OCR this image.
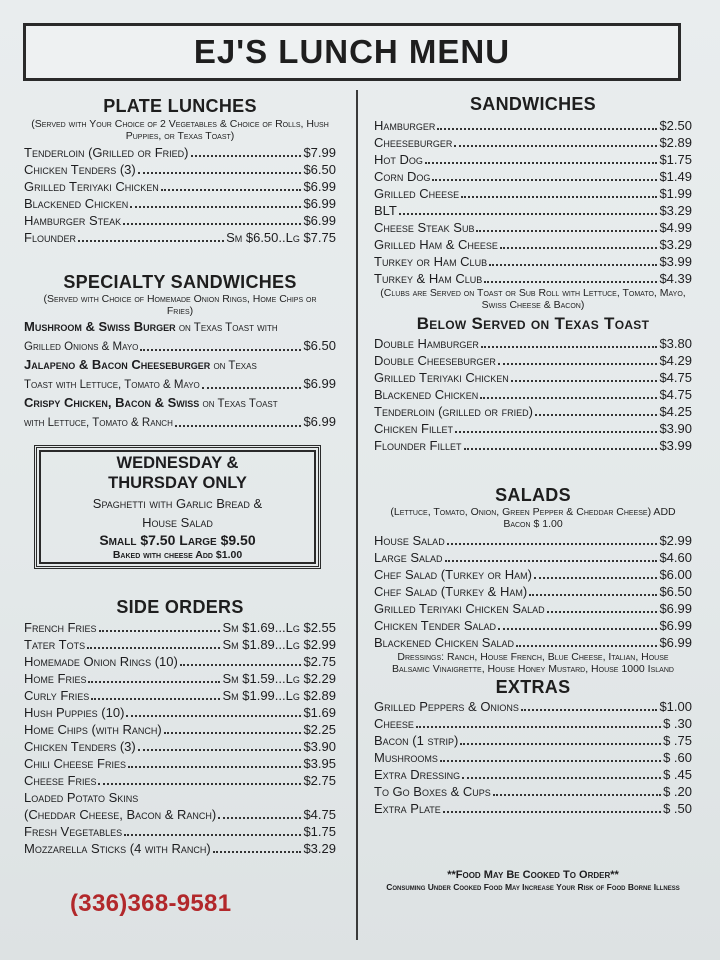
EJ'S LUNCH MENU
PLATE LUNCHES
(Served with Your Choice of 2 Vegetables & Choice of Rolls, Hush Puppies, or Texas Toast)
Tenderloin (Grilled or Fried)	$7.99
Chicken Tenders (3)	$6.50
Grilled Teriyaki Chicken	$6.99
Blackened Chicken	$6.99
Hamburger Steak	$6.99
Flounder	Sm $6.50..Lg $7.75
SPECIALTY SANDWICHES
(Served with Choice of Homemade Onion Rings, Home Chips or Fries)
Mushroom & Swiss Burger on Texas Toast with
Grilled Onions & Mayo	$6.50
Jalapeno & Bacon Cheeseburger on Texas
Toast with Lettuce, Tomato & Mayo	$6.99
Crispy Chicken, Bacon & Swiss on Texas Toast
with Lettuce, Tomato & Ranch	$6.99
WEDNESDAY &
THURSDAY ONLY
Spaghetti with Garlic Bread &
House Salad
Small $7.50 Large $9.50
Baked with cheese Add $1.00
SIDE ORDERS
French Fries	Sm $1.69...Lg $2.55
Tater Tots	Sm $1.89...Lg $2.99
Homemade Onion Rings (10)	$2.75
Home Fries	Sm $1.59...Lg $2.29
Curly Fries	Sm $1.99...Lg $2.89
Hush Puppies (10)	$1.69
Home Chips (with Ranch)	$2.25
Chicken Tenders (3)	$3.90
Chili Cheese Fries	$3.95
Cheese Fries	$2.75
Loaded Potato Skins
(Cheddar Cheese, Bacon & Ranch)	$4.75
Fresh Vegetables	$1.75
Mozzarella Sticks (4 with Ranch)	$3.29
(336)368-9581
SANDWICHES
Hamburger	$2.50
Cheeseburger	$2.89
Hot Dog	$1.75
Corn Dog	$1.49
Grilled Cheese	$1.99
BLT	$3.29
Cheese Steak Sub	$4.99
Grilled Ham & Cheese	$3.29
Turkey or Ham Club	$3.99
Turkey & Ham Club	$4.39
(Clubs are Served on Toast or Sub Roll with Lettuce, Tomato, Mayo, Swiss Cheese & Bacon)
Below Served on Texas Toast
Double Hamburger	$3.80
Double Cheeseburger	$4.29
Grilled Teriyaki Chicken	$4.75
Blackened Chicken	$4.75
Tenderloin (grilled or fried)	$4.25
Chicken Fillet	$3.90
Flounder Fillet	$3.99
SALADS
(Lettuce, Tomato, Onion, Green Pepper & Cheddar Cheese) ADD Bacon $ 1.00
House Salad	$2.99
Large Salad	$4.60
Chef Salad (Turkey or Ham)	$6.00
Chef Salad (Turkey & Ham)	$6.50
Grilled Teriyaki Chicken Salad	$6.99
Chicken Tender Salad	$6.99
Blackened Chicken Salad	$6.99
Dressings: Ranch, House French, Blue Cheese, Italian, House Balsamic Vinaigrette, House Honey Mustard, House 1000 Island
EXTRAS
Grilled Peppers & Onions	$1.00
Cheese	$ .30
Bacon (1 strip)	$ .75
Mushrooms	$ .60
Extra Dressing	$ .45
To Go Boxes & Cups	$ .20
Extra Plate	$ .50
**Food May Be Cooked To Order**
Consuming Under Cooked Food May Increase Your Risk of Food Borne Illness
